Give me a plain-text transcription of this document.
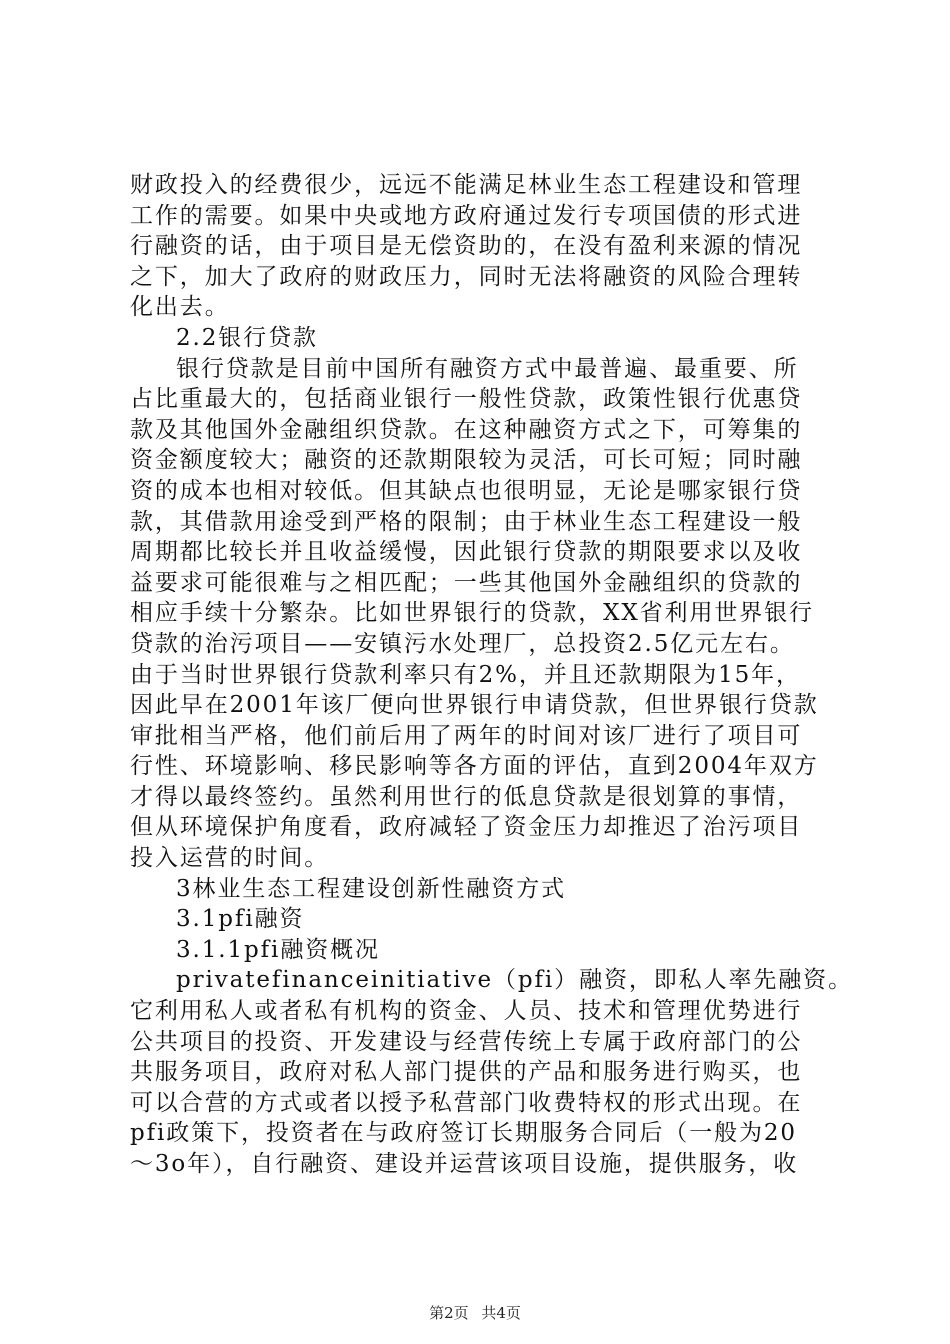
财政投入的经费很少，远远不能满足林业生态工程建设和管理
工作的需要。如果中央或地方政府通过发行专项国债的形式进
行融资的话，由于项目是无偿资助的，在没有盈利来源的情况
之下，加大了政府的财政压力，同时无法将融资的风险合理转
化出去。
2.2银行贷款
银行贷款是目前中国所有融资方式中最普遍、最重要、所
占比重最大的，包括商业银行一般性贷款，政策性银行优惠贷
款及其他国外金融组织贷款。在这种融资方式之下，可筹集的
资金额度较大；融资的还款期限较为灵活，可长可短；同时融
资的成本也相对较低。但其缺点也很明显，无论是哪家银行贷
款，其借款用途受到严格的限制；由于林业生态工程建设一般
周期都比较长并且收益缓慢，因此银行贷款的期限要求以及收
益要求可能很难与之相匹配；一些其他国外金融组织的贷款的
相应手续十分繁杂。比如世界银行的贷款，XX省利用世界银行
贷款的治污项目——安镇污水处理厂，总投资2.5亿元左右。
由于当时世界银行贷款利率只有2%，并且还款期限为15年，
因此早在2001年该厂便向世界银行申请贷款，但世界银行贷款
审批相当严格，他们前后用了两年的时间对该厂进行了项目可
行性、环境影响、移民影响等各方面的评估，直到2004年双方
才得以最终签约。虽然利用世行的低息贷款是很划算的事情，
但从环境保护角度看，政府减轻了资金压力却推迟了治污项目
投入运营的时间。
3林业生态工程建设创新性融资方式
3.1pfi融资
3.1.1pfi融资概况
privatefinanceinitiative（pfi）融资，即私人率先融资。
它利用私人或者私有机构的资金、人员、技术和管理优势进行
公共项目的投资、开发建设与经营传统上专属于政府部门的公
共服务项目，政府对私人部门提供的产品和服务进行购买，也
可以合营的方式或者以授予私营部门收费特权的形式出现。在
pfi政策下，投资者在与政府签订长期服务合同后（一般为20
～3o年），自行融资、建设并运营该项目设施，提供服务，收
第2页 共4页
